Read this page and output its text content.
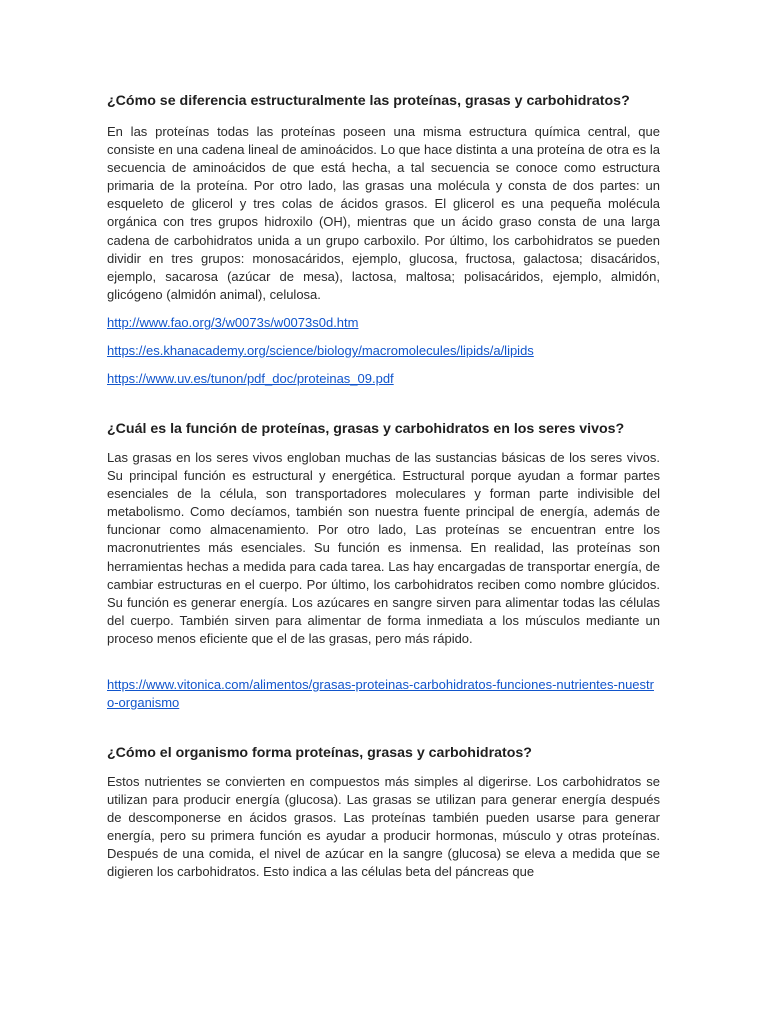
¿Cómo se diferencia estructuralmente las proteínas, grasas y carbohidratos?

En las proteínas todas las proteínas poseen una misma estructura química central, que consiste en una cadena lineal de aminoácidos. Lo que hace distinta a una proteína de otra es la secuencia de aminoácidos de que está hecha, a tal secuencia se conoce como estructura primaria de la proteína. Por otro lado, las grasas una molécula y consta de dos partes: un esqueleto de glicerol y tres colas de ácidos grasos. El glicerol es una pequeña molécula orgánica con tres grupos hidroxilo (OH), mientras que un ácido graso consta de una larga cadena de carbohidratos unida a un grupo carboxilo. Por último, los carbohidratos se pueden dividir en tres grupos: monosacáridos, ejemplo, glucosa, fructosa, galactosa; disacáridos, ejemplo, sacarosa (azúcar de mesa), lactosa, maltosa; polisacáridos, ejemplo, almidón, glicógeno (almidón animal), celulosa.

http://www.fao.org/3/w0073s/w0073s0d.htm
https://es.khanacademy.org/science/biology/macromolecules/lipids/a/lipids
https://www.uv.es/tunon/pdf_doc/proteinas_09.pdf
¿Cuál es la función de proteínas, grasas y carbohidratos en los seres vivos?

Las grasas en los seres vivos engloban muchas de las sustancias básicas de los seres vivos. Su principal función es estructural y energética. Estructural porque ayudan a formar partes esenciales de la célula, son transportadores moleculares y forman parte indivisible del metabolismo. Como decíamos, también son nuestra fuente principal de energía, además de funcionar como almacenamiento. Por otro lado, Las proteínas se encuentran entre los macronutrientes más esenciales. Su función es inmensa. En realidad, las proteínas son herramientas hechas a medida para cada tarea. Las hay encargadas de transportar energía, de cambiar estructuras en el cuerpo. Por último, los carbohidratos reciben como nombre glúcidos. Su función es generar energía. Los azúcares en sangre sirven para alimentar todas las células del cuerpo. También sirven para alimentar de forma inmediata a los músculos mediante un proceso menos eficiente que el de las grasas, pero más rápido.

https://www.vitonica.com/alimentos/grasas-proteinas-carbohidratos-funciones-nutrientes-nuestro-organismo
¿Cómo el organismo forma proteínas, grasas y carbohidratos?

Estos nutrientes se convierten en compuestos más simples al digerirse. Los carbohidratos se utilizan para producir energía (glucosa). Las grasas se utilizan para generar energía después de descomponerse en ácidos grasos. Las proteínas también pueden usarse para generar energía, pero su primera función es ayudar a producir hormonas, músculo y otras proteínas. Después de una comida, el nivel de azúcar en la sangre (glucosa) se eleva a medida que se digieren los carbohidratos. Esto indica a las células beta del páncreas que
